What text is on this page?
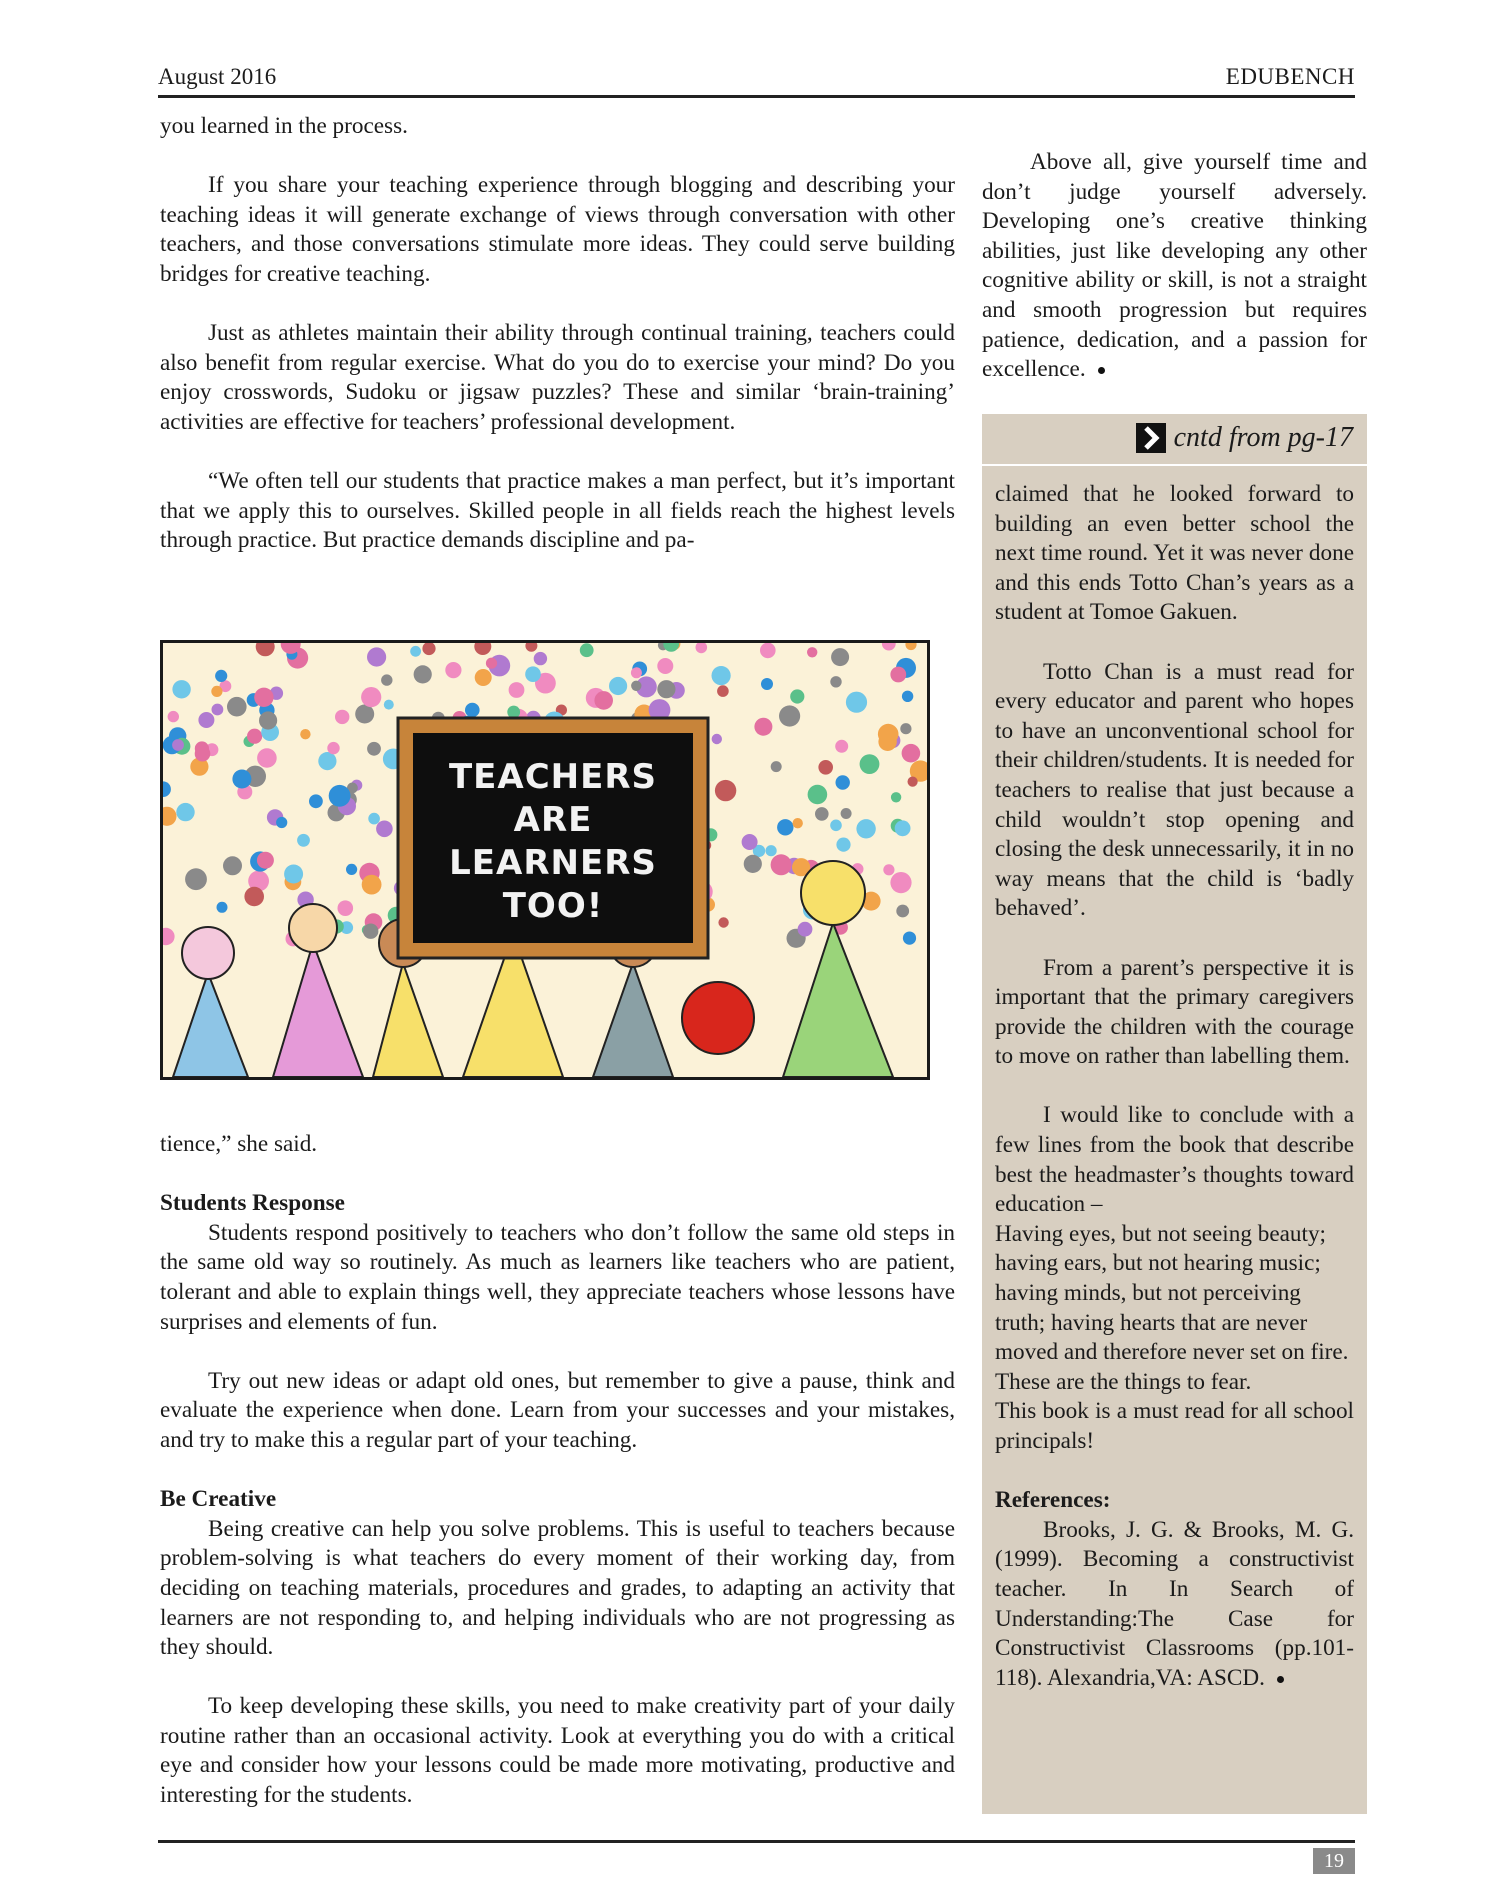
August 2016	EDUBENCH

you learned in the process.

If you share your teaching experience through blogging and describing your teaching ideas it will generate exchange of views through conversation with other teachers, and those conversations stimulate more ideas. They could serve building bridges for creative teaching.

Just as athletes maintain their ability through continual training, teachers could also benefit from regular exercise. What do you do to exercise your mind? Do you enjoy crosswords, Sudoku or jigsaw puzzles? These and similar ‘brain-training’ activities are effective for teachers’ professional development.

“We often tell our students that practice makes a man perfect, but it’s important that we apply this to ourselves. Skilled people in all fields reach the highest levels through practice. But practice demands discipline and pa-

TEACHERS
ARE
LEARNERS
TOO!

tience,” she said.

Students Response

Students respond positively to teachers who don’t follow the same old steps in the same old way so routinely. As much as learners like teachers who are patient, tolerant and able to explain things well, they appreciate teachers whose lessons have surprises and elements of fun.

Try out new ideas or adapt old ones, but remember to give a pause, think and evaluate the experience when done. Learn from your successes and your mistakes, and try to make this a regular part of your teaching.

Be Creative

Being creative can help you solve problems. This is useful to teachers because problem-solving is what teachers do every moment of their working day, from deciding on teaching materials, procedures and grades, to adapting an activity that learners are not responding to, and helping individuals who are not progressing as they should.

To keep developing these skills, you need to make creativity part of your daily routine rather than an occasional activity. Look at everything you do with a critical eye and consider how your lessons could be made more motivating, productive and interesting for the students.

Above all, give yourself time and don’t judge yourself adversely. Developing one’s creative thinking abilities, just like developing any other cognitive ability or skill, is not a straight and smooth progression but requires patience, dedication, and a passion for excellence.

cntd from pg-17

claimed that he looked forward to building an even better school the next time round. Yet it was never done and this ends Totto Chan’s years as a student at Tomoe Gakuen.

Totto Chan is a must read for every educator and parent who hopes to have an unconventional school for their children/students. It is needed for teachers to realise that just because a child wouldn’t stop opening and closing the desk unnecessarily, it in no way means that the child is ‘badly behaved’.

From a parent’s perspective it is important that the primary caregivers provide the children with the courage to move on rather than labelling them.

I would like to conclude with a few lines from the book that describe best the headmaster’s thoughts toward education –

Having eyes, but not seeing beauty; having ears, but not hearing music; having minds, but not perceiving truth; having hearts that are never moved and therefore never set on fire. These are the things to fear.

This book is a must read for all school principals!

References:

Brooks, J. G. & Brooks, M. G. (1999). Becoming a constructivist teacher. In In Search of Understanding:The Case for Constructivist Classrooms (pp.101-118). Alexandria,VA: ASCD.

19
